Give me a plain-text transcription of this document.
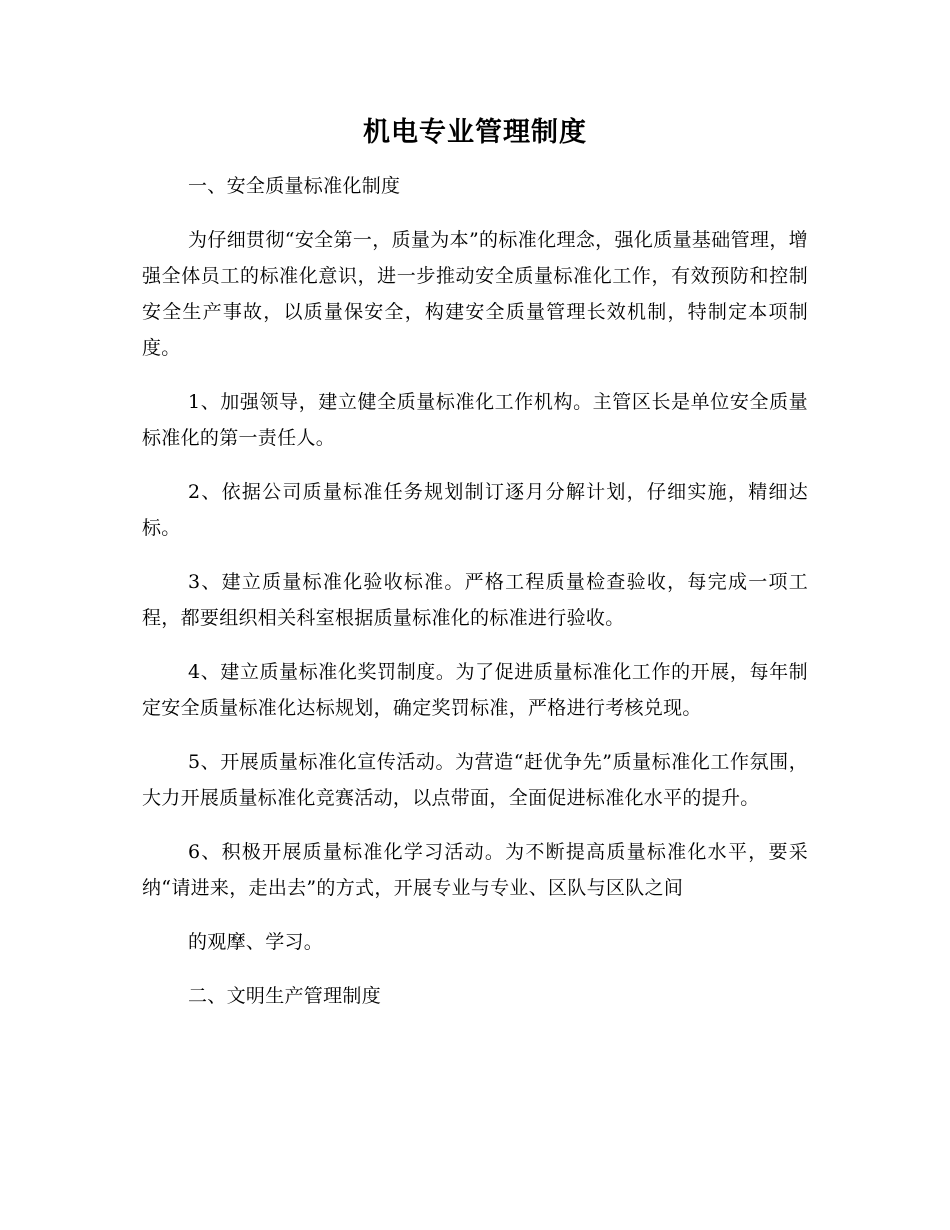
机电专业管理制度

一、安全质量标准化制度

为仔细贯彻“安全第一，质量为本”的标准化理念，强化质量基础管理，增强全体员工的标准化意识，进一步推动安全质量标准化工作，有效预防和控制安全生产事故，以质量保安全，构建安全质量管理长效机制，特制定本项制度。

1、加强领导，建立健全质量标准化工作机构。主管区长是单位安全质量标准化的第一责任人。

2、依据公司质量标准任务规划制订逐月分解计划，仔细实施，精细达标。

3、建立质量标准化验收标准。严格工程质量检查验收，每完成一项工程，都要组织相关科室根据质量标准化的标准进行验收。

4、建立质量标准化奖罚制度。为了促进质量标准化工作的开展，每年制定安全质量标准化达标规划，确定奖罚标准，严格进行考核兑现。

5、开展质量标准化宣传活动。为营造“赶优争先”质量标准化工作氛围，大力开展质量标准化竞赛活动，以点带面，全面促进标准化水平的提升。

6、积极开展质量标准化学习活动。为不断提高质量标准化水平，要采纳“请进来，走出去”的方式，开展专业与专业、区队与区队之间

的观摩、学习。

二、文明生产管理制度
